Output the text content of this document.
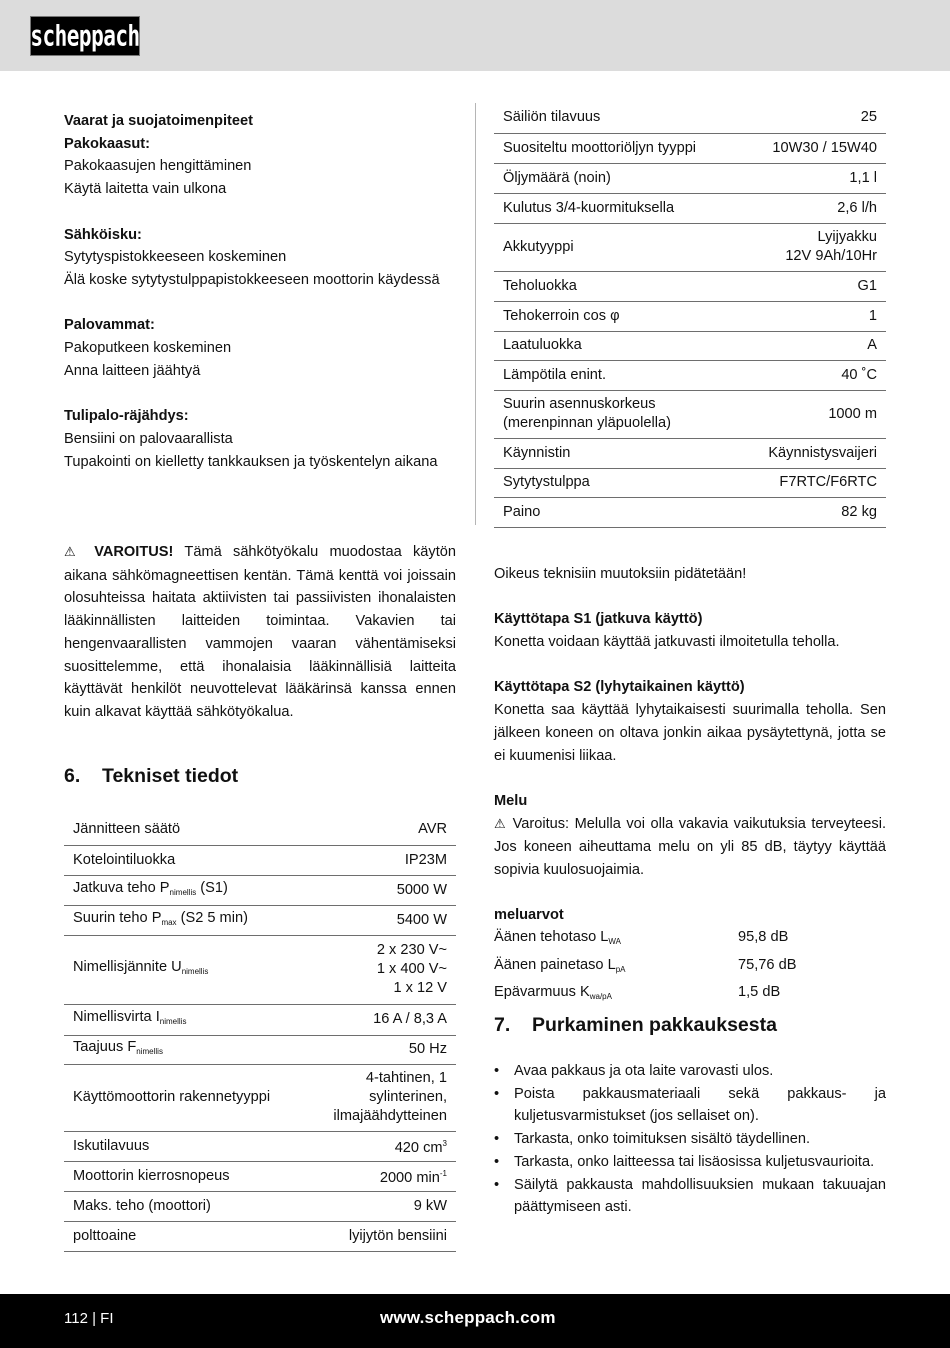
scheppach

Vaarat ja suojatoimenpiteet

Pakokaasut:

Pakokaasujen hengittäminen

Käytä laitetta vain ulkona

Sähköisku:

Sytytyspistokkeeseen koskeminen

Älä koske sytytystulppapistokkeeseen moottorin käydessä

Palovammat:

Pakoputkeen koskeminen

Anna laitteen jäähtyä

Tulipalo-räjähdys:

Bensiini on palovaarallista

Tupakointi on kielletty tankkauksen ja työskentelyn aikana

⚠ VAROITUS! Tämä sähkötyökalu muodostaa käytön aikana sähkömagneettisen kentän. Tämä kenttä voi joissain olosuhteissa haitata aktiivisten tai passiivisten ihonalaisten lääkinnällisten laitteiden toimintaa. Vakavien tai hengenvaarallisten vammojen vaaran vähentämiseksi suosittelemme, että ihonalaisia lääkinnällisiä laitteita käyttävät henkilöt neuvottelevat lääkärinsä kanssa ennen kuin alkavat käyttää sähkötyökalua.
6. Tekniset tiedot
Jännitteen säätö	AVR
Kotelointiluokka	IP23M
Jatkuva teho $P_{nimellis}$ (S1)	5000 W
Suurin teho $P_{max}$ (S2 5 min)	5400 W
Nimellisjännite $U_{nimellis}$	2 x 230 V~
1 x 400 V~
1 x 12 V

Nimellisvirta $I_{nimellis}$	16 A / 8,3 A
Taajuus $F_{nimellis}$	50 Hz
Käyttömoottorin rakennetyyppi	4-tahtinen, 1
sylinterinen,
ilmajäähdytteinen

Iskutilavuus	420 $cm^3$
Moottorin kierrosnopeus	2000 $\min^{-1}$
Maks. teho (moottori)	9 kW
polttoaine	lyijytön bensiini
Säiliön tilavuus	25
Suositeltu moottoriöljyn tyyppi	10W30 / 15W40
Öljymäärä (noin)	1,1 l
Kulutus 3/4-kuormituksella	2,6 l/h
Akkutyyppi	Lyijyakku
12V 9Ah/10Hr

Teholuokka	G1
Tehokerroin cos φ	1
Laatuluokka	A
Lämpötila enint.	40 ˚C

Suurin asennuskorkeus
(merenpinnan yläpuolella)	1000 m
Käynnistin	Käynnistysvaijeri
Sytytystulppa	F7RTC/F6RTC
Paino	82 kg

Oikeus teknisiin muutoksiin pidätetään!

Käyttötapa S1 (jatkuva käyttö)

Konetta voidaan käyttää jatkuvasti ilmoitetulla teholla.

Käyttötapa S2 (lyhytaikainen käyttö)

Konetta saa käyttää lyhytaikaisesti suurimalla teholla. Sen jälkeen koneen on oltava jonkin aikaa pysäytettynä, jotta se ei kuumenisi liikaa.

Melu

⚠ Varoitus: Melulla voi olla vakavia vaikutuksia terveyteesi. Jos koneen aiheuttama melu on yli 85 dB, täytyy käyttää sopivia kuulosuojaimia.

meluarvot

Äänen tehotaso $L_{WA}$	95,8 dB
Äänen painetaso $L_{pA}$	75,76 dB
Epävarmuus $K_{wa/pA}$	1,5 dB
7. Purkaminen pakkauksesta
• Avaa pakkaus ja ota laite varovasti ulos.
• Poista pakkausmateriaali sekä pakkaus- ja kuljetusvarmistukset (jos sellaiset on).
• Tarkasta, onko toimituksen sisältö täydellinen.
• Tarkasta, onko laitteessa tai lisäosissa kuljetusvaurioita.
• Säilytä pakkausta mahdollisuuksien mukaan takuuajan päättymiseen asti.
112 | FI	www.scheppach.com
